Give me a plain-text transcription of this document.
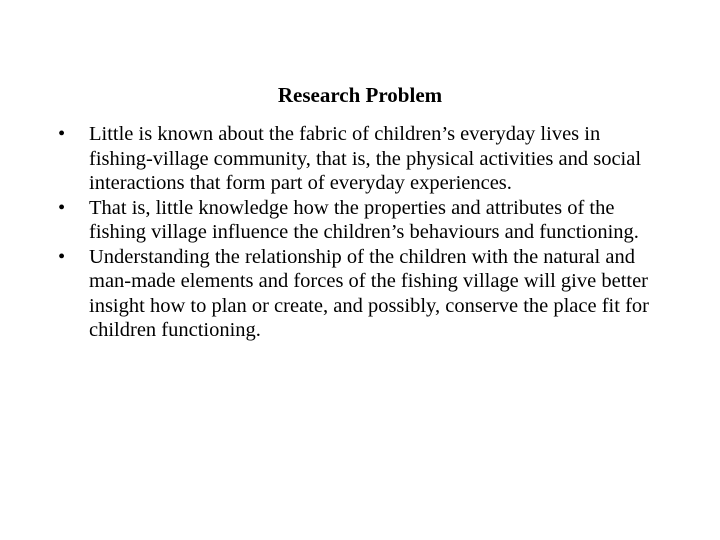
Research Problem
•	Little is known about the fabric of children’s everyday lives in fishing-village community, that is, the physical activities and social interactions that form part of everyday experiences.
•	That is, little knowledge how the properties and attributes of the fishing village influence the children’s behaviours and functioning.
•	Understanding the relationship of the children with the natural and man-made elements and forces of the fishing village will give better insight how to plan or create, and possibly, conserve the place fit for children functioning.
